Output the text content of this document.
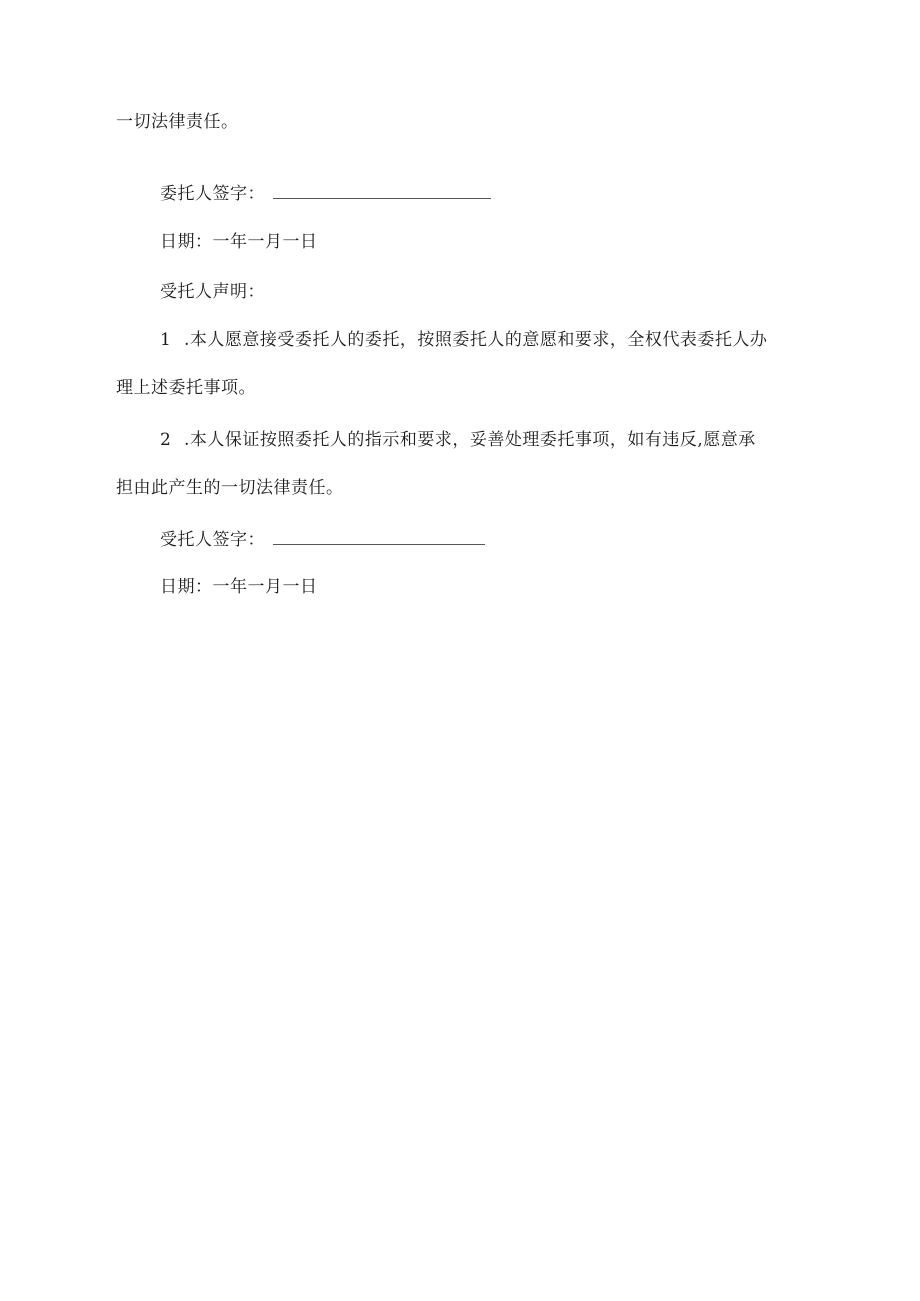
一切法律责任。
委托人签字：
日期：一年一月一日
受托人声明：
1 .本人愿意接受委托人的委托，按照委托人的意愿和要求，全权代表委托人办
理上述委托事项。
2 .本人保证按照委托人的指示和要求，妥善处理委托事项，如有违反,愿意承
担由此产生的一切法律责任。
受托人签字：
日期：一年一月一日
